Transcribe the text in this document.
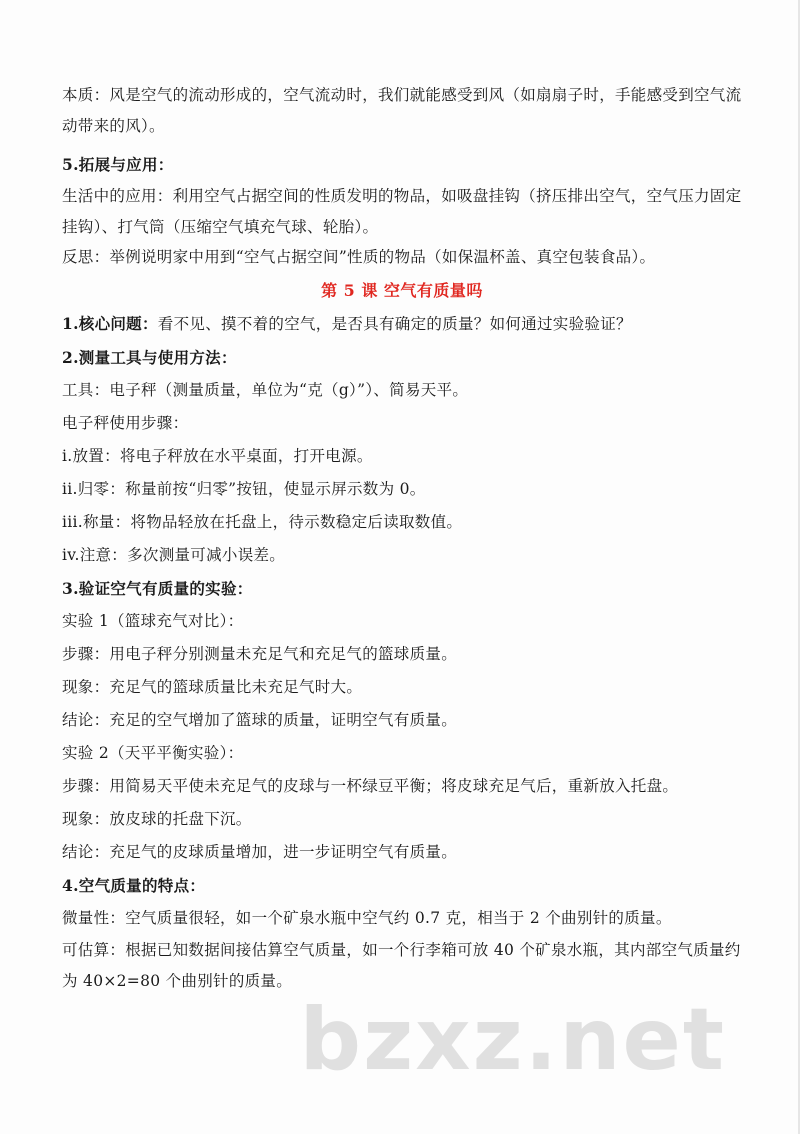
本质：风是空气的流动形成的，空气流动时，我们就能感受到风（如扇扇子时，手能感受到空气流动带来的风）。

5.拓展与应用：

生活中的应用：利用空气占据空间的性质发明的物品，如吸盘挂钩（挤压排出空气，空气压力固定挂钩）、打气筒（压缩空气填充气球、轮胎）。

反思：举例说明家中用到“空气占据空间”性质的物品（如保温杯盖、真空包装食品）。

第 5 课 空气有质量吗

1.核心问题：看不见、摸不着的空气，是否具有确定的质量？如何通过实验验证？

2.测量工具与使用方法：

工具：电子秤（测量质量，单位为“克（g）”）、简易天平。

电子秤使用步骤：

i.放置：将电子秤放在水平桌面，打开电源。

ii.归零：称量前按“归零”按钮，使显示屏示数为 0。

iii.称量：将物品轻放在托盘上，待示数稳定后读取数值。

iv.注意：多次测量可减小误差。

3.验证空气有质量的实验：

实验 1（篮球充气对比）：

步骤：用电子秤分别测量未充足气和充足气的篮球质量。

现象：充足气的篮球质量比未充足气时大。

结论：充足的空气增加了篮球的质量，证明空气有质量。

实验 2（天平平衡实验）：

步骤：用简易天平使未充足气的皮球与一杯绿豆平衡；将皮球充足气后，重新放入托盘。

现象：放皮球的托盘下沉。

结论：充足气的皮球质量增加，进一步证明空气有质量。

4.空气质量的特点：

微量性：空气质量很轻，如一个矿泉水瓶中空气约 0.7 克，相当于 2 个曲别针的质量。

可估算：根据已知数据间接估算空气质量，如一个行李箱可放 40 个矿泉水瓶，其内部空气质量约为 40×2=80 个曲别针的质量。

bzxz.net
